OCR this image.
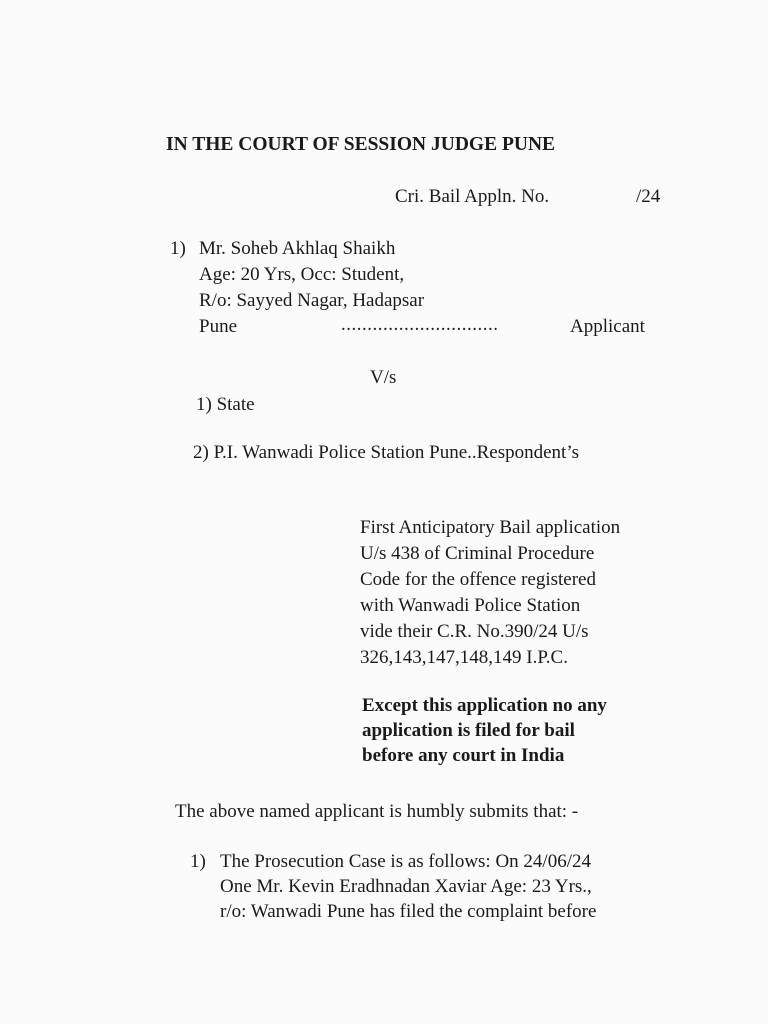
IN THE COURT OF SESSION JUDGE PUNE
Cri. Bail Appln. No.	/24
1) Mr. Soheb Akhlaq Shaikh
Age: 20 Yrs, Occ: Student,
R/o: Sayyed Nagar, Hadapsar
Pune	..............................	Applicant
V/s
1) State
2) P.I. Wanwadi Police Station Pune..Respondent’s
First Anticipatory Bail application
U/s 438 of Criminal Procedure
Code for the offence registered
with Wanwadi Police Station
vide their C.R. No.390/24 U/s
326,143,147,148,149 I.P.C.
Except this application no any
application is filed for bail
before any court in India
The above named applicant is humbly submits that: -
1) The Prosecution Case is as follows: On 24/06/24
One Mr. Kevin Eradhnadan Xaviar Age: 23 Yrs.,
r/o: Wanwadi Pune has filed the complaint before
